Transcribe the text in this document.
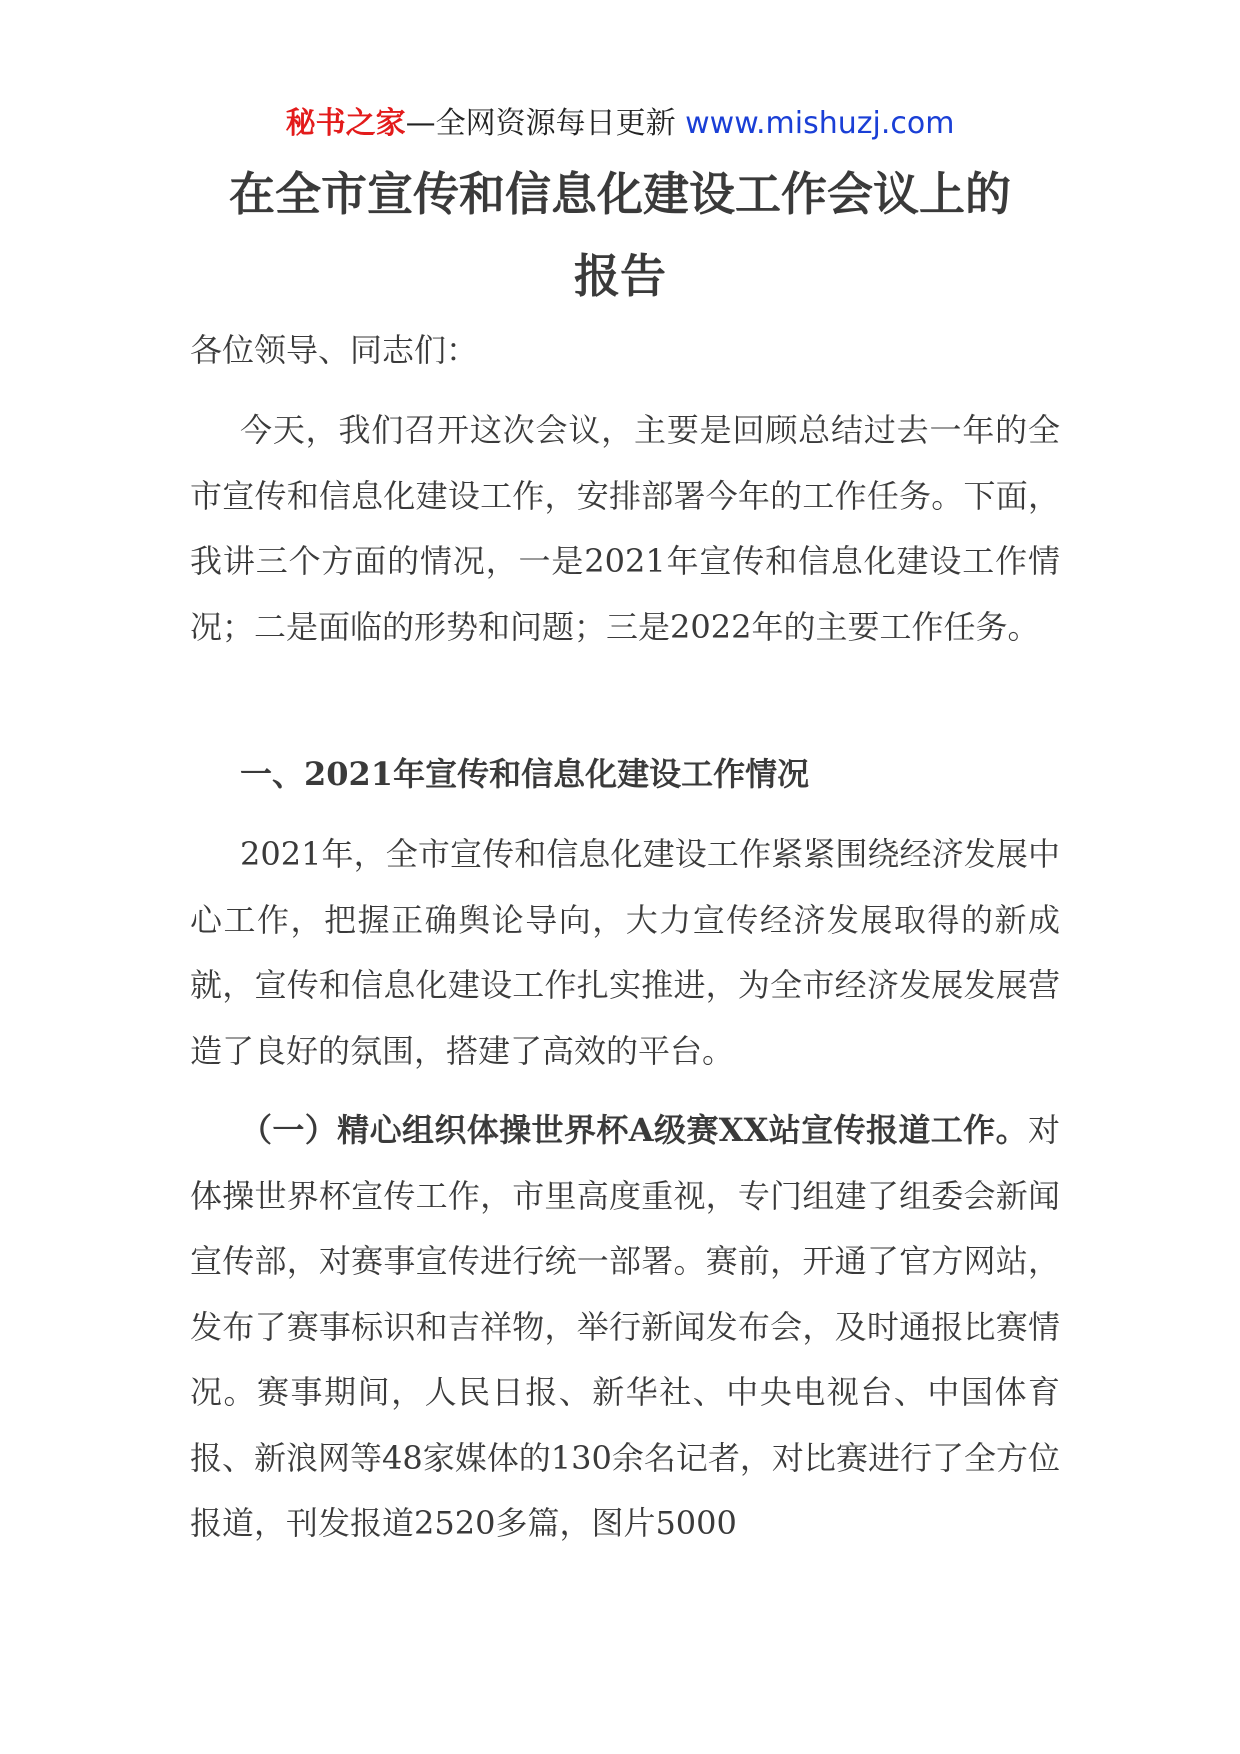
秘书之家—全网资源每日更新 www.mishuzj.com
在全市宣传和信息化建设工作会议上的
报告
各位领导、同志们：
今天，我们召开这次会议，主要是回顾总结过去一年的全市宣传和信息化建设工作，安排部署今年的工作任务。下面，我讲三个方面的情况，一是2021年宣传和信息化建设工作情况；二是面临的形势和问题；三是2022年的主要工作任务。
一、2021年宣传和信息化建设工作情况
2021年，全市宣传和信息化建设工作紧紧围绕经济发展中心工作，把握正确舆论导向，大力宣传经济发展取得的新成就，宣传和信息化建设工作扎实推进，为全市经济发展发展营造了良好的氛围，搭建了高效的平台。
（一）精心组织体操世界杯A级赛XX站宣传报道工作。对体操世界杯宣传工作，市里高度重视，专门组建了组委会新闻宣传部，对赛事宣传进行统一部署。赛前，开通了官方网站，发布了赛事标识和吉祥物，举行新闻发布会，及时通报比赛情况。赛事期间，人民日报、新华社、中央电视台、中国体育报、新浪网等48家媒体的130余名记者，对比赛进行了全方位报道，刊发报道2520多篇，图片5000
